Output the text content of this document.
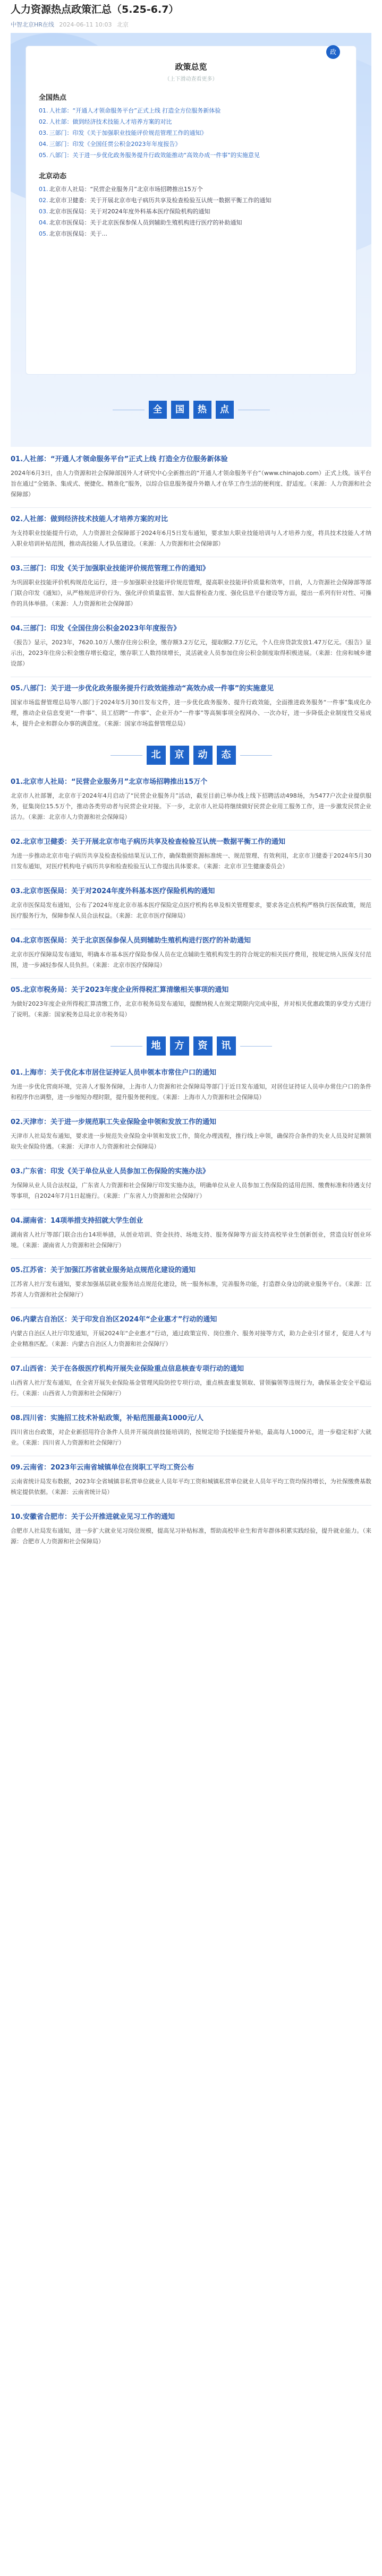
人力资源热点政策汇总（5.25-6.7）
中智北京HR在线 2024-06-11 10:03 北京
政
政策总览
（上下滑动查看更多）
全国热点
01. 人社部：“开通人才领命服务平台”正式上线 打造全方位服务新体验
02. 人社部：做到经济技术技能人才培养方案的对比
03. 三部门：印发《关于加强职业技能评价规范管理工作的通知》
04. 三部门：印发《全国任贯公积金2023年年度报告》
05. 八部门：关于进一步优化政务服务提升行政效能推动“高效办成一件事”的实施意见
北京动态
01. 北京市人社局：“民营企业服务月”北京市场招聘推出15万个
02. 北京市卫健委：关于开展北京市电子病历共享及检查检验互认统一数据平衡工作的通知
03. 北京市医保局：关于对2024年度外科基本医疗保险机构的通知
04. 北京市医保局：关于北京医保参保人员到辅助生殖机构进行医疗的补助通知
05. 北京市医保局：关于...
全	国	热	点
01.人社部：“开通人才领命服务平台”正式上线 打造全方位服务新体验
2024年6月3日，由人力资源和社会保障部国外人才研究中心全新推出的“开通人才领命服务平台”（www.chinajob.com）正式上线。该平台旨在通过“全链条、集成式、便捷化、精准化”服务，以综合信息服务提升外籍人才在华工作生活的便利度、舒适度。（来源：人力资源和社会保障部）
02.人社部：做到经济技术技能人才培养方案的对比
为支持职业技能提升行动，人力资源社会保障部于2024年6月5日发布通知，要求加大职业技能培训与人才培养力度，将具技术技能人才纳入职业培训补贴范围，推动高技能人才队伍建设。（来源：人力资源和社会保障部）
03.三部门：印发《关于加强职业技能评价规范管理工作的通知》
为巩固职业技能评价机构规范化运行，进一步加强职业技能评价规范管理，提高职业技能评价质量和效率，日前，人力资源社会保障部等部门联合印发《通知》，从严格规范评价行为、强化评价质量监管、加大监督检查力度、强化信息平台建设等方面，提出一系列有针对性、可操作的具体举措。（来源：人力资源和社会保障部）
04.三部门：印发《全国住房公积金2023年年度报告》
《报告》显示，2023年，7620.10万人缴存住房公积金，缴存额3.2万亿元，提取额2.7万亿元，个人住房贷款发放1.47万亿元。《报告》显示出，2023年住房公积金缴存增长稳定，缴存职工人数持续增长，灵活就业人员参加住房公积金制度取得积极进展。（来源：住房和城乡建设部）
05.八部门：关于进一步优化政务服务提升行政效能推动“高效办成一件事”的实施意见
国家市场监督管理总局等八部门于2024年5月30日发布文件，进一步优化政务服务、提升行政效能，全面推进政务服务“一件事”集成化办理，推动企业信息变更“一件事”、员工招聘“一件事”、企业开办“一件事”等高频事项全程网办、一次办好，进一步降低企业制度性交易成本，提升企业和群众办事的满意度。（来源：国家市场监督管理总局）
北	京	动	态
01.北京市人社局：“民营企业服务月”北京市场招聘推出15万个
北京市人社部署，北京市于2024年4月启动了“民营企业服务月”活动，截至目前已举办线上线下招聘活动498场，为5477户次企业提供服务，征集岗位15.5万个，推动各类劳动者与民营企业对接。下一步，北京市人社局将继续做好民营企业用工服务工作，进一步激发民营企业活力。（来源：北京市人力资源和社会保障局）
02.北京市卫健委：关于开展北京市电子病历共享及检查检验互认统一数据平衡工作的通知
为进一步推动北京市电子病历共享及检查检验结果互认工作，确保数据资源标准统一、规范管理、有效利用，北京市卫健委于2024年5月30日发布通知，对医疗机构电子病历共享和检查检验互认工作提出具体要求。（来源：北京市卫生健康委员会）
03.北京市医保局：关于对2024年度外科基本医疗保险机构的通知
北京市医保局发布通知，公布了2024年度北京市基本医疗保险定点医疗机构名单及相关管理要求，要求各定点机构严格执行医保政策，规范医疗服务行为，保障参保人员合法权益。（来源：北京市医疗保障局）
04.北京市医保局：关于北京医保参保人员到辅助生殖机构进行医疗的补助通知
北京市医疗保障局发布通知，明确本市基本医疗保险参保人员在定点辅助生殖机构发生的符合规定的相关医疗费用，按规定纳入医保支付范围，进一步减轻参保人员负担。（来源：北京市医疗保障局）
05.北京市税务局：关于2023年度企业所得税汇算清缴相关事项的通知
为做好2023年度企业所得税汇算清缴工作，北京市税务局发布通知，提醒纳税人在规定期限内完成申报，并对相关优惠政策的享受方式进行了说明。（来源：国家税务总局北京市税务局）
地	方	资	讯
01.上海市：关于优化本市居住证持证人员申领本市常住户口的通知
为进一步优化营商环境，完善人才服务保障，上海市人力资源和社会保障局等部门于近日发布通知，对居住证持证人员申办常住户口的条件和程序作出调整，进一步缩短办理时限，提升服务便利度。（来源：上海市人力资源和社会保障局）
02.天津市：关于进一步规范职工失业保险金申领和发放工作的通知
天津市人社局发布通知，要求进一步规范失业保险金申领和发放工作，简化办理流程，推行线上申领，确保符合条件的失业人员及时足额领取失业保险待遇。（来源：天津市人力资源和社会保障局）
03.广东省：印发《关于单位从业人员参加工伤保险的实施办法》
为保障从业人员合法权益，广东省人力资源和社会保障厅印发实施办法，明确单位从业人员参加工伤保险的适用范围、缴费标准和待遇支付等事项，自2024年7月1日起施行。（来源：广东省人力资源和社会保障厅）
04.湖南省：14项举措支持招就大学生创业
湖南省人社厅等部门联合出台14项举措，从创业培训、资金扶持、场地支持、服务保障等方面支持高校毕业生创新创业，营造良好创业环境。（来源：湖南省人力资源和社会保障厅）
05.江苏省：关于加强江苏省就业服务站点规范化建设的通知
江苏省人社厅发布通知，要求加强基层就业服务站点规范化建设，统一服务标准，完善服务功能，打造群众身边的就业服务平台。（来源：江苏省人力资源和社会保障厅）
06.内蒙古自治区：关于印发自治区2024年“企业惠才”行动的通知
内蒙古自治区人社厅印发通知，开展2024年“企业惠才”行动，通过政策宣传、岗位推介、服务对接等方式，助力企业引才留才，促进人才与企业精准匹配。（来源：内蒙古自治区人力资源和社会保障厅）
07.山西省：关于在各级医疗机构开展失业保险重点信息核查专项行动的通知
山西省人社厅发布通知，在全省开展失业保险基金管理风险防控专项行动，重点核查重复领取、冒领骗领等违规行为，确保基金安全平稳运行。（来源：山西省人力资源和社会保障厅）
08.四川省：实施招工技术补贴政策，补贴范围最高1000元/人
四川省出台政策，对企业新招用符合条件人员并开展岗前技能培训的，按规定给予技能提升补贴，最高每人1000元，进一步稳定和扩大就业。（来源：四川省人力资源和社会保障厅）
09.云南省：2023年云南省城镇单位在岗职工平均工资公布
云南省统计局发布数据，2023年全省城镇非私营单位就业人员年平均工资和城镇私营单位就业人员年平均工资均保持增长，为社保缴费基数核定提供依据。（来源：云南省统计局）
10.安徽省合肥市：关于公开推进就业见习工作的通知
合肥市人社局发布通知，进一步扩大就业见习岗位规模，提高见习补贴标准，帮助高校毕业生和青年群体积累实践经验，提升就业能力。（来源：合肥市人力资源和社会保障局）
